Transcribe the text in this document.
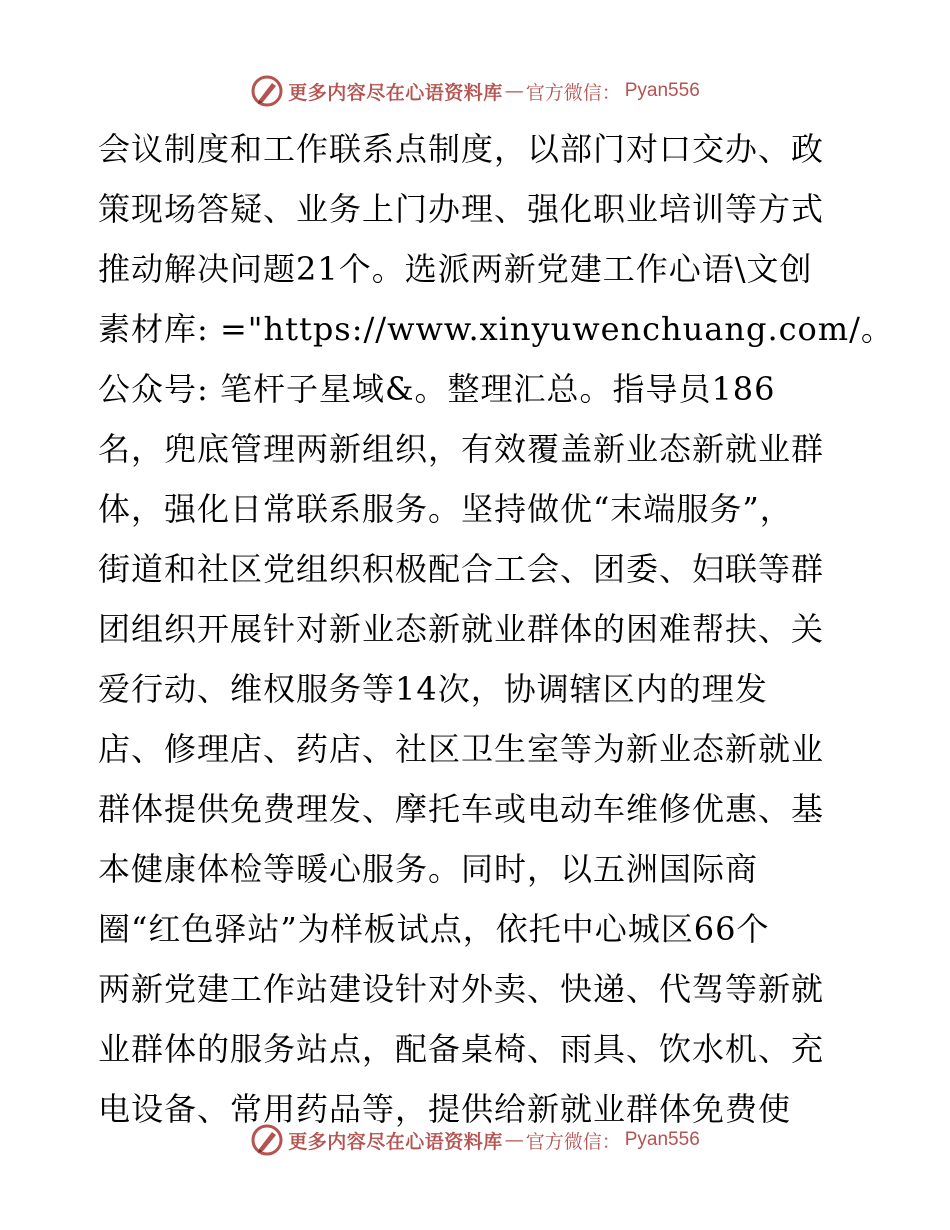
更多内容尽在心语资料库 — 官方微信： Pyan556
会议制度和工作联系点制度，以部门对口交办、政
策现场答疑、业务上门办理、强化职业培训等方式
推动解决问题21个。选派两新党建工作心语\文创
素材库: ="https://www.xinyuwenchuang.com/。
公众号: 笔杆子星域&。整理汇总。指导员186
名，兜底管理两新组织，有效覆盖新业态新就业群
体，强化日常联系服务。坚持做优“末端服务”，
街道和社区党组织积极配合工会、团委、妇联等群
团组织开展针对新业态新就业群体的困难帮扶、关
爱行动、维权服务等14次，协调辖区内的理发
店、修理店、药店、社区卫生室等为新业态新就业
群体提供免费理发、摩托车或电动车维修优惠、基
本健康体检等暖心服务。同时，以五洲国际商
圈“红色驿站”为样板试点，依托中心城区66个
两新党建工作站建设针对外卖、快递、代驾等新就
业群体的服务站点，配备桌椅、雨具、饮水机、充
电设备、常用药品等，提供给新就业群体免费使
更多内容尽在心语资料库 — 官方微信： Pyan556
